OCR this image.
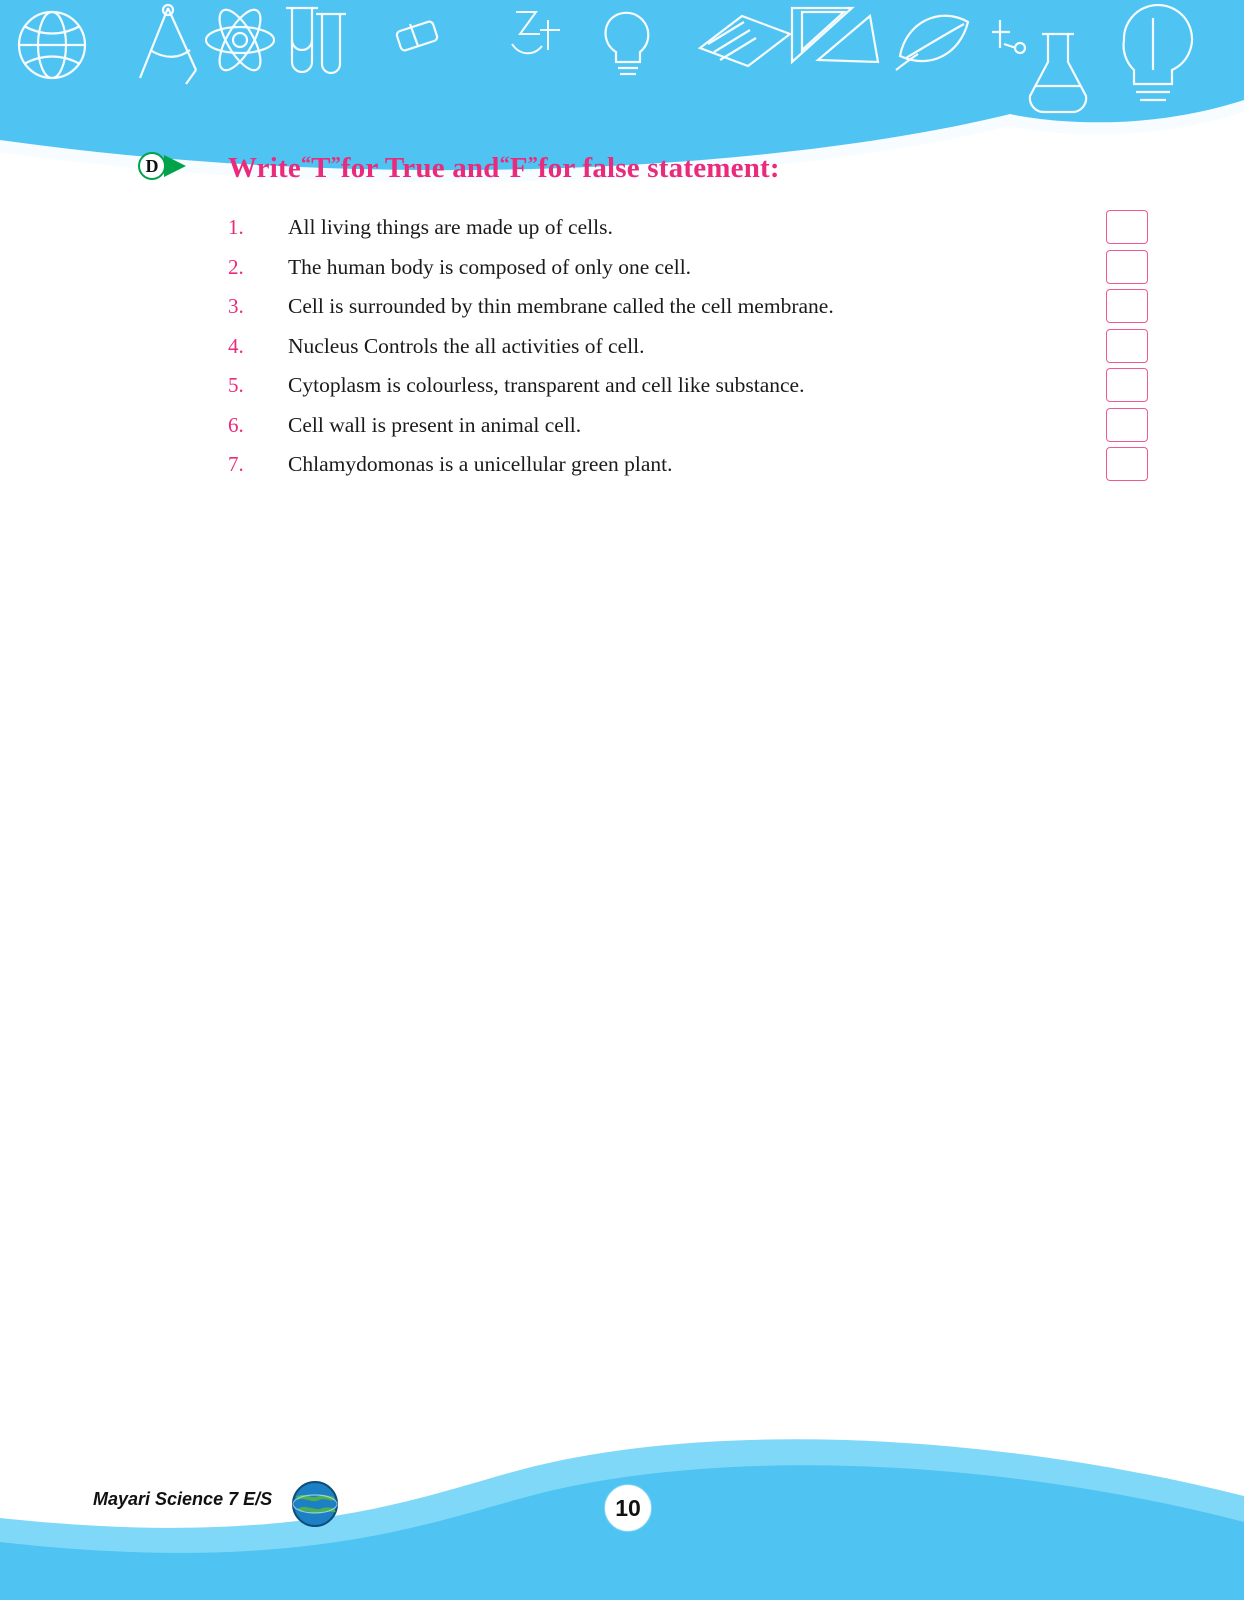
D Write“T”for True and“F”for false statement:
1.	All living things are made up of cells.
2.	The human body is composed of only one cell.
3.	Cell is surrounded by thin membrane called the cell membrane.
4.	Nucleus Controls the all activities of cell.
5.	Cytoplasm is colourless, transparent and cell like substance.
6.	Cell wall is present in animal cell.
7.	Chlamydomonas is a unicellular green plant.
Mayari Science 7 E/S	10
